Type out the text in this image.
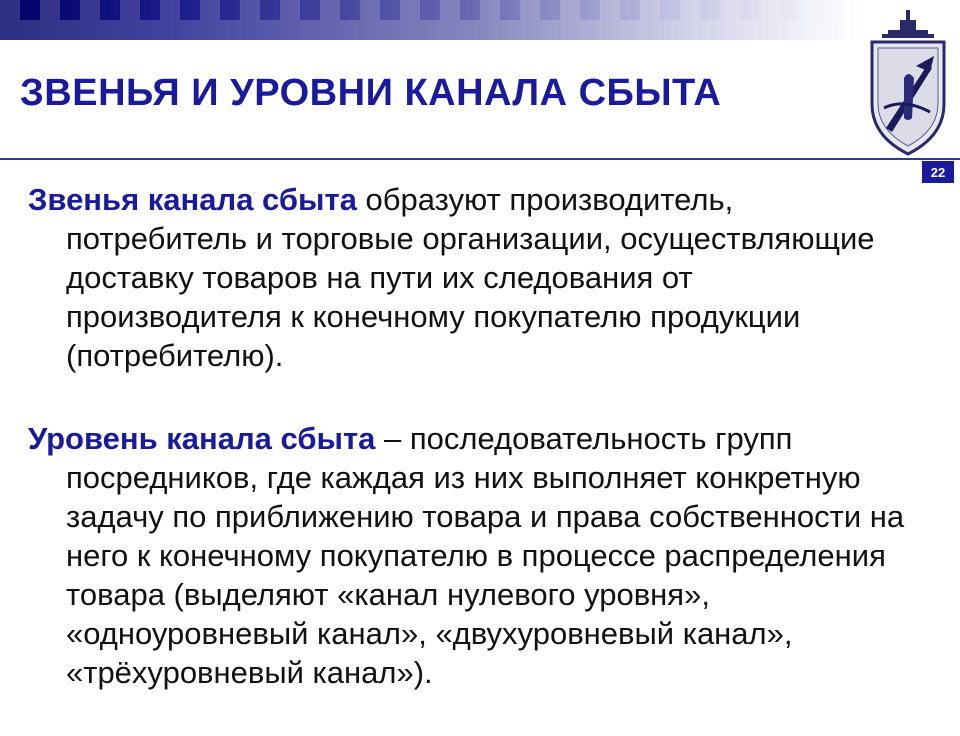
ЗВЕНЬЯ И УРОВНИ КАНАЛА СБЫТА
22

Звенья канала сбыта образуют производитель, потребитель и торговые организации, осуществляющие доставку товаров на пути их следования от производителя к конечному покупателю продукции (потребителю).

Уровень канала сбыта – последовательность групп посредников, где каждая из них выполняет конкретную задачу по приближению товара и права собственности на него к конечному покупателю в процессе распределения товара (выделяют «канал нулевого уровня», «одноуровневый канал», «двухуровневый канал», «трёхуровневый канал»).
